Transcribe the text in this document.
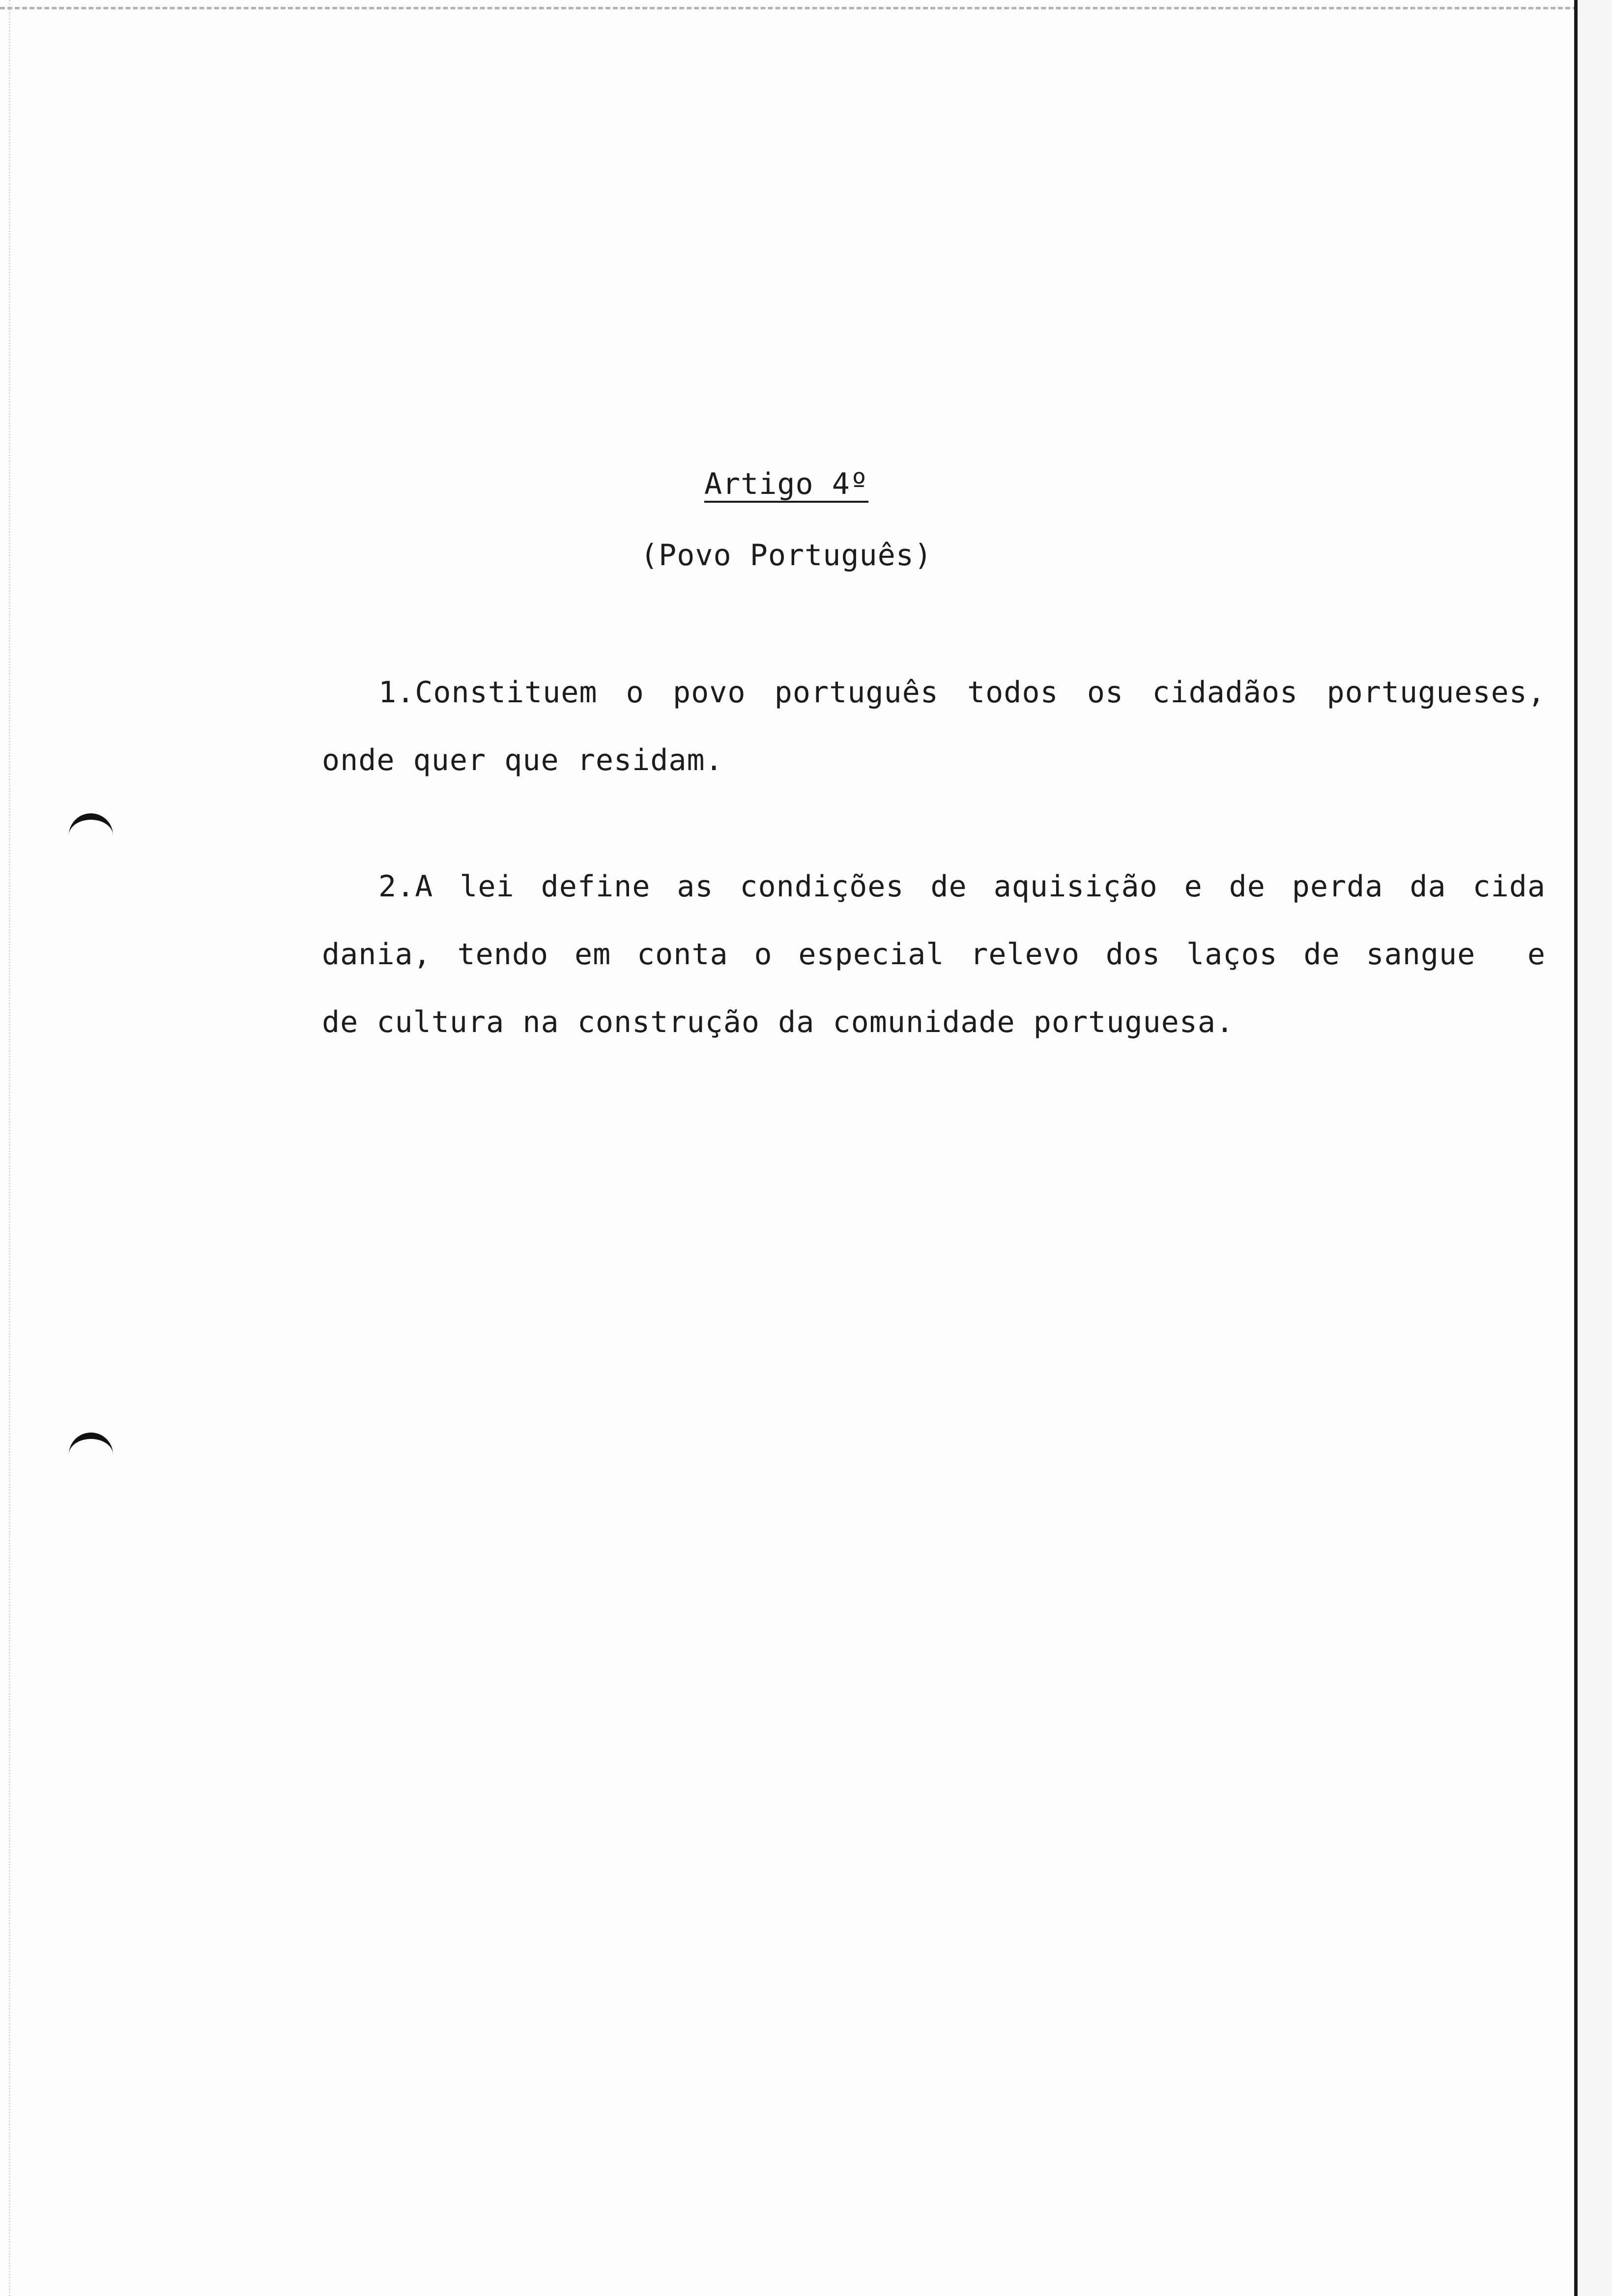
Artigo 4º
(Povo Português)

1.Constituem o povo português todos os cidadãos portugueses,
onde quer que residam.

2.A lei define as condições de aquisição e de perda da cida
dania, tendo em conta o especial relevo dos laços de sangue  e
de cultura na construção da comunidade portuguesa.
